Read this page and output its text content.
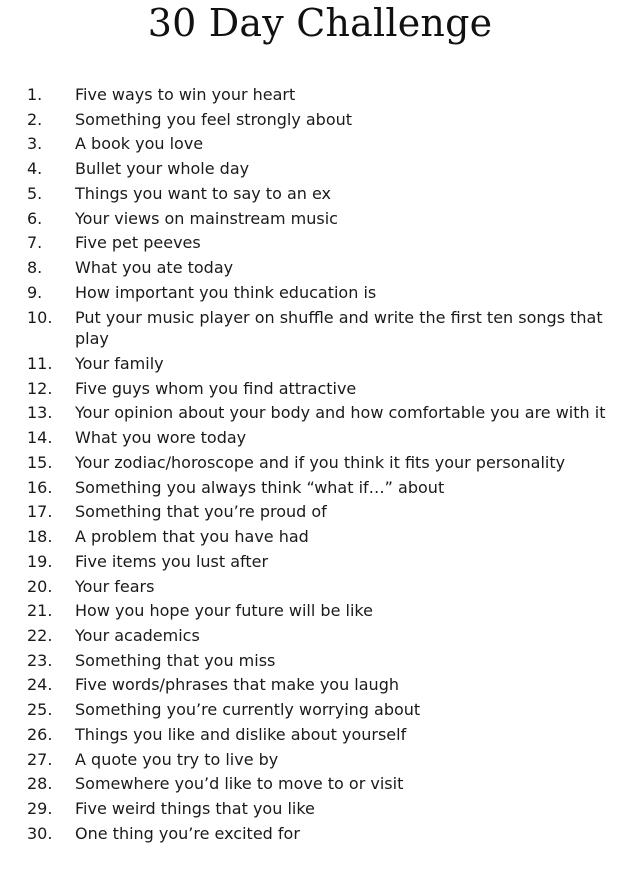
30 Day Challenge
1.	Five ways to win your heart
2.	Something you feel strongly about
3.	A book you love
4.	Bullet your whole day
5.	Things you want to say to an ex
6.	Your views on mainstream music
7.	Five pet peeves
8.	What you ate today
9.	How important you think education is
10.	Put your music player on shuffle and write the first ten songs that play
11.	Your family
12.	Five guys whom you find attractive
13.	Your opinion about your body and how comfortable you are with it
14.	What you wore today
15.	Your zodiac/horoscope and if you think it fits your personality
16.	Something you always think “what if…” about
17.	Something that you’re proud of
18.	A problem that you have had
19.	Five items you lust after
20.	Your fears
21.	How you hope your future will be like
22.	Your academics
23.	Something that you miss
24.	Five words/phrases that make you laugh
25.	Something you’re currently worrying about
26.	Things you like and dislike about yourself
27.	A quote you try to live by
28.	Somewhere you’d like to move to or visit
29.	Five weird things that you like
30.	One thing you’re excited for
